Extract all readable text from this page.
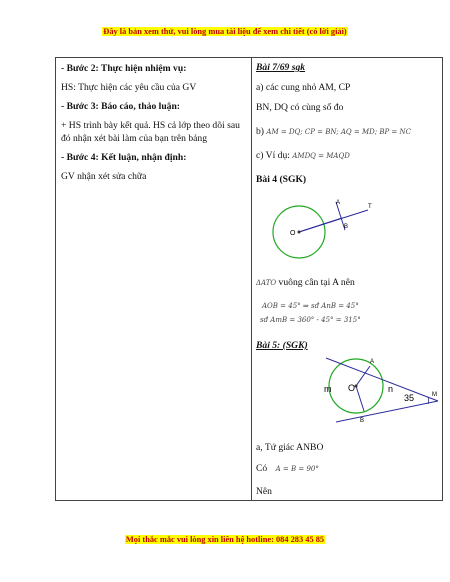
Đây là bản xem thử, vui lòng mua tài liệu để xem chi tiết (có lời giải)
- Bước 2: Thực hiện nhiệm vụ:
HS: Thực hiện các yêu cầu của GV
- Bước 3: Báo cáo, thảo luận:
+ HS trình bày kết quả. HS cả lớp theo dõi sau đó nhận xét bài làm của bạn trên bảng
- Bước 4: Kết luận, nhận định:
GV nhận xét sửa chữa
Bài 7/69 sgk
a) các cung nhỏ AM, CP
BN, DQ có cùng số đo
b) AM = DQ; CP = BN; AQ = MD; BP = NC
c) Ví dụ: AMDQ = MAQD
Bài 4 (SGK)
A
O
B
T
ΔATO vuông cân tại A nên
AOB = 45° ⇒ sđ AnB = 45°
sđ AmB = 360° - 45° = 315°
Bài 5: (SGK)
A
O
m	n
35	M
B
a, Tứ giác ANBO
Có A = B = 90°
Nên
Mọi thắc mắc vui lòng xin liên hệ hotline: 084 283 45 85
